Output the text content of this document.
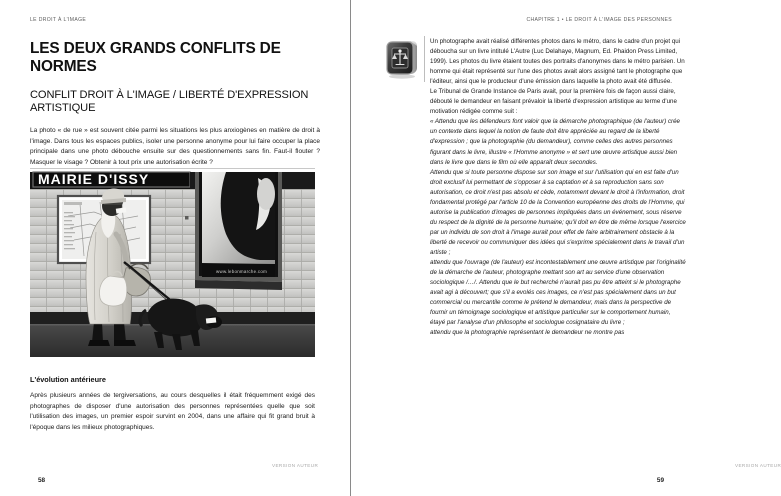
LE DROIT À L'IMAGE
LES DEUX GRANDS CONFLITS DE NORMES
CONFLIT DROIT À L'IMAGE / LIBERTÉ D'EXPRESSION ARTISTIQUE

La photo « de rue » est souvent citée parmi les situations les plus anxiogènes en matière de droit à l'image. Dans tous les espaces publics, isoler une personne anonyme pour lui faire occuper la place principale dans une photo débouche ensuite sur des questionnements sans fin. Faut-il flouter ? Masquer le visage ? Obtenir à tout prix une autorisation écrite ?

MAIRIE D'ISSY
www.lebonmarche.com
L'évolution antérieure

Après plusieurs années de tergiversations, au cours desquelles il était fréquemment exigé des photographes de disposer d'une autorisation des personnes représentées quelle que soit l'utilisation des images, un premier espoir survint en 2004, dans une affaire qui fit grand bruit à l'époque dans les milieux photographiques.

VERSION AUTEUR
58
CHAPITRE 1 • LE DROIT À L'IMAGE DES PERSONNES
VERSION AUTEUR
59

Un photographe avait réalisé différentes photos dans le métro, dans le cadre d'un projet qui déboucha sur un livre intitulé L'Autre (Luc Delahaye, Magnum, Ed. Phaidon Press Limited, 1999). Les photos du livre étaient toutes des portraits d'anonymes dans le métro parisien. Un homme qui était représenté sur l'une des photos avait alors assigné tant le photographe que l'éditeur, ainsi que le producteur d'une émission dans laquelle la photo avait été diffusée.

Le Tribunal de Grande Instance de Paris avait, pour la première fois de façon aussi claire, débouté le demandeur en faisant prévaloir la liberté d'expression artistique au terme d'une motivation rédigée comme suit :

« Attendu que les défendeurs font valoir que la démarche photographique (de l'auteur) crée un contexte dans lequel la notion de faute doit être appréciée au regard de la liberté d'expression ; que la photographie (du demandeur), comme celles des autres personnes figurant dans le livre, illustre « l'Homme anonyme » et sert une œuvre artistique aussi bien dans le livre que dans le film où elle apparaît deux secondes.

Attendu que si toute personne dispose sur son image et sur l'utilisation qui en est faite d'un droit exclusif lui permettant de s'opposer à sa captation et à sa reproduction sans son autorisation, ce droit n'est pas absolu et cède, notamment devant le droit à l'information, droit fondamental protégé par l'article 10 de la Convention européenne des droits de l'Homme, qui autorise la publication d'images de personnes impliquées dans un événement, sous réserve du respect de la dignité de la personne humaine; qu'il doit en être de même lorsque l'exercice par un individu de son droit à l'image aurait pour effet de faire arbitrairement obstacle à la liberté de recevoir ou communiquer des idées qui s'exprime spécialement dans le travail d'un artiste ;

attendu que l'ouvrage (de l'auteur) est incontestablement une œuvre artistique par l'originalité de la démarche de l'auteur, photographe mettant son art au service d'une observation sociologique /…/. Attendu que le but recherché n'aurait pas pu être atteint si le photographe avait agi à découvert; que s'il a evolés ces images, ce n'est pas spécialement dans un but commercial ou mercantile comme le prétend le demandeur, mais dans la perspective de fournir un témoignage sociologique et artistique particulier sur le comportement humain, étayé par l'analyse d'un philosophe et sociologue cosignataire du livre ;

attendu que la photographie représentant le demandeur ne montre pas
